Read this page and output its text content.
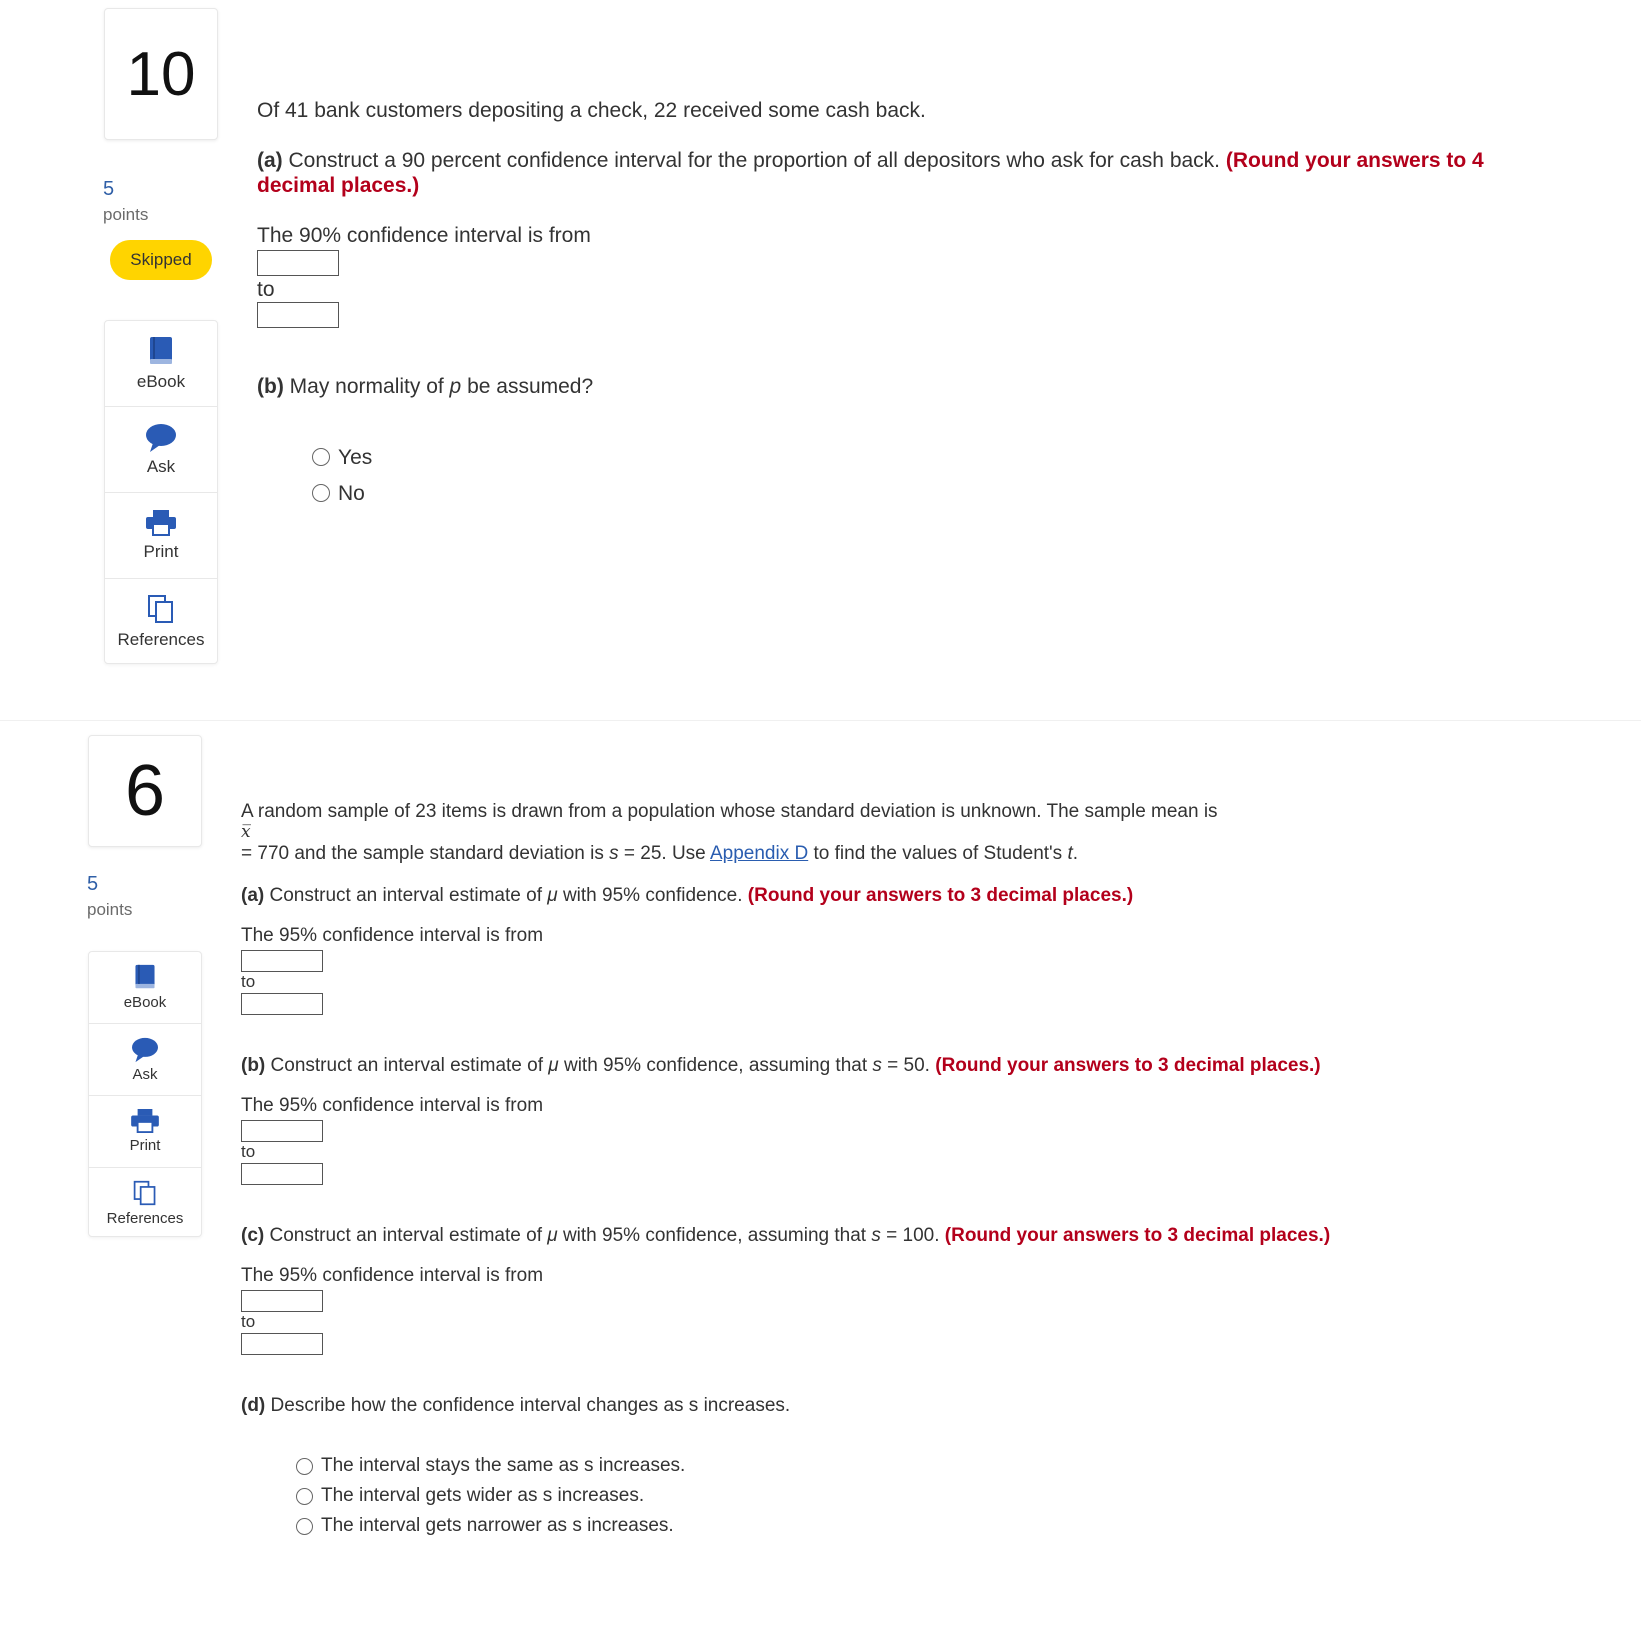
10
5
points
Skipped
eBook
Ask
Print
References

Of 41 bank customers depositing a check, 22 received some cash back.

(a) Construct a 90 percent confidence interval for the proportion of all depositors who ask for cash back. (Round your answers to 4 decimal places.)

The 90% confidence interval is from

to

(b) May normality of p be assumed?

Yes
No
6
5
points
eBook
Ask
Print
References

A random sample of 23 items is drawn from a population whose standard deviation is unknown. The sample mean is

x̅

= 770 and the sample standard deviation is s = 25. Use Appendix D to find the values of Student's t.

(a) Construct an interval estimate of μ with 95% confidence. (Round your answers to 3 decimal places.)

The 95% confidence interval is from

to

(b) Construct an interval estimate of μ with 95% confidence, assuming that s = 50. (Round your answers to 3 decimal places.)

The 95% confidence interval is from

to

(c) Construct an interval estimate of μ with 95% confidence, assuming that s = 100. (Round your answers to 3 decimal places.)

The 95% confidence interval is from

to

(d) Describe how the confidence interval changes as s increases.

The interval stays the same as s increases.
The interval gets wider as s increases.
The interval gets narrower as s increases.
